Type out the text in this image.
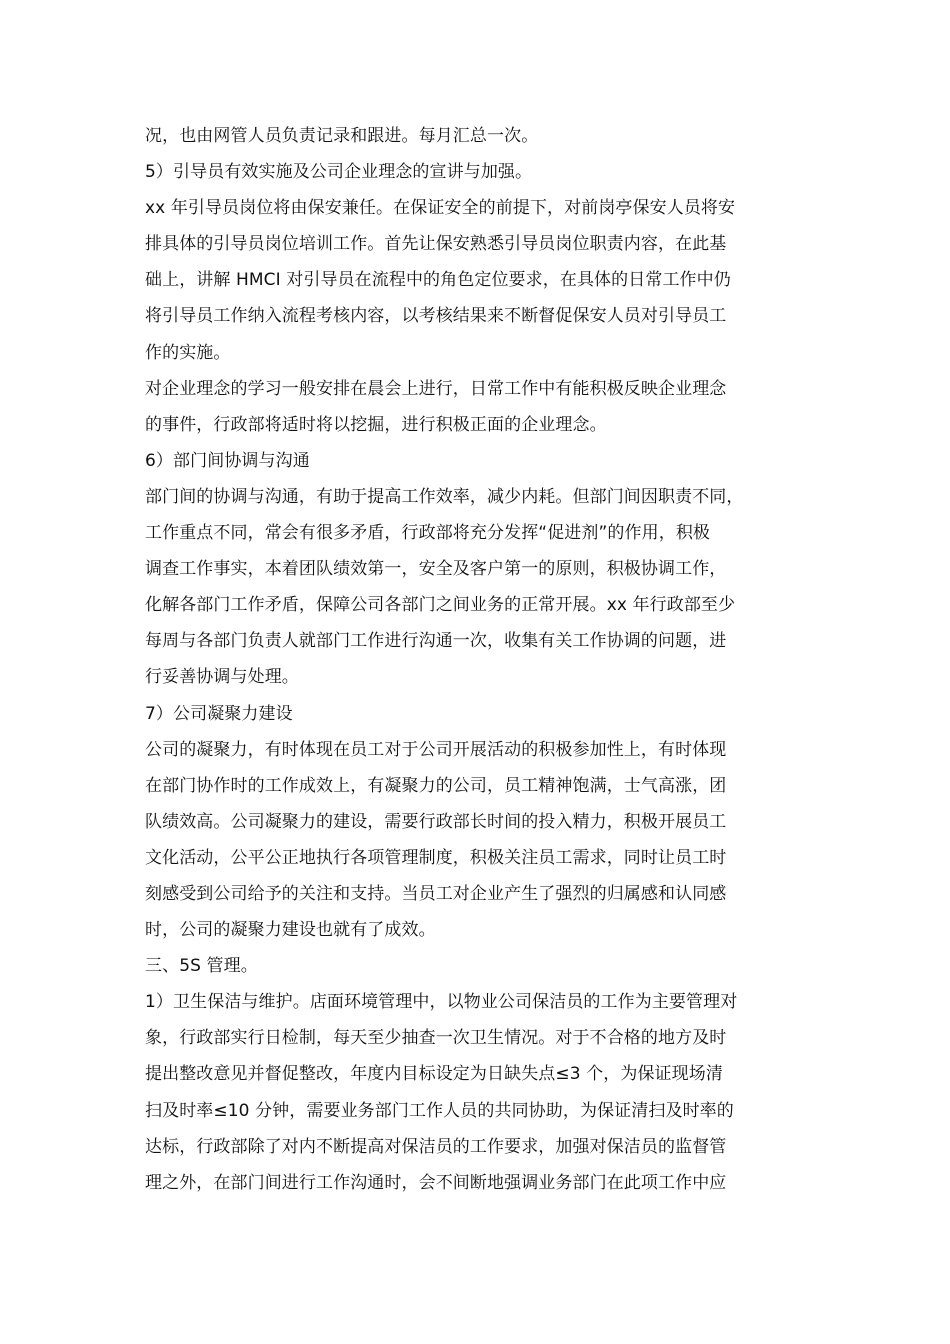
况，也由网管人员负责记录和跟进。每月汇总一次。
5）引导员有效实施及公司企业理念的宣讲与加强。
xx 年引导员岗位将由保安兼任。在保证安全的前提下，对前岗亭保安人员将安
排具体的引导员岗位培训工作。首先让保安熟悉引导员岗位职责内容，在此基
础上，讲解 HMCI 对引导员在流程中的角色定位要求，在具体的日常工作中仍
将引导员工作纳入流程考核内容，以考核结果来不断督促保安人员对引导员工
作的实施。
对企业理念的学习一般安排在晨会上进行，日常工作中有能积极反映企业理念
的事件，行政部将适时将以挖掘，进行积极正面的企业理念。
6）部门间协调与沟通
部门间的协调与沟通，有助于提高工作效率，减少内耗。但部门间因职责不同，
工作重点不同，常会有很多矛盾，行政部将充分发挥“促进剂”的作用，积极
调查工作事实，本着团队绩效第一，安全及客户第一的原则，积极协调工作，
化解各部门工作矛盾，保障公司各部门之间业务的正常开展。xx 年行政部至少
每周与各部门负责人就部门工作进行沟通一次，收集有关工作协调的问题，进
行妥善协调与处理。
7）公司凝聚力建设
公司的凝聚力，有时体现在员工对于公司开展活动的积极参加性上，有时体现
在部门协作时的工作成效上，有凝聚力的公司，员工精神饱满，士气高涨，团
队绩效高。公司凝聚力的建设，需要行政部长时间的投入精力，积极开展员工
文化活动，公平公正地执行各项管理制度，积极关注员工需求，同时让员工时
刻感受到公司给予的关注和支持。当员工对企业产生了强烈的归属感和认同感
时，公司的凝聚力建设也就有了成效。
三、5S 管理。
1）卫生保洁与维护。店面环境管理中，以物业公司保洁员的工作为主要管理对
象，行政部实行日检制，每天至少抽查一次卫生情况。对于不合格的地方及时
提出整改意见并督促整改，年度内目标设定为日缺失点≤3 个，为保证现场清
扫及时率≤10 分钟，需要业务部门工作人员的共同协助，为保证清扫及时率的
达标，行政部除了对内不断提高对保洁员的工作要求，加强对保洁员的监督管
理之外，在部门间进行工作沟通时，会不间断地强调业务部门在此项工作中应
